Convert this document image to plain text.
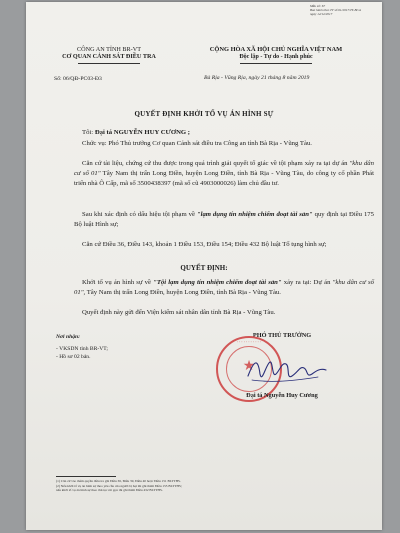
Mẫu số: 67
Ban hành theo TT số 61/2017/TT-BCA
ngày 14/12/2017
CÔNG AN TỈNH BR-VT
CƠ QUAN CẢNH SÁT ĐIỀU TRA
CỘNG HÒA XÃ HỘI CHỦ NGHĨA VIỆT NAM
Độc lập - Tự do - Hạnh phúc
Số: 06/QĐ-PC03-Đ3	Bà Rịa - Vũng Rịa, ngày 21 tháng 8 năm 2019
QUYẾT ĐỊNH KHỞI TỐ VỤ ÁN HÌNH SỰ
Tôi: Đại tá NGUYỄN HUY CƯƠNG ;
Chức vụ: Phó Thủ trưởng Cơ quan Cảnh sát điều tra Công an tỉnh Bà Rịa - Vũng Tàu.
Căn cứ tài liệu, chứng cứ thu được trong quá trình giải quyết tố giác về tội phạm xảy ra tại dự án "khu dân cư số 01" Tây Nam thị trấn Long Điền, huyện Long Điền, tỉnh Bà Rịa - Vũng Tàu, do công ty cổ phần Phát triển nhà Ô Cấp, mã số 3500438397 (mã số cũ 4903000026) làm chủ đầu tư.
Sau khi xác định có dấu hiệu tội phạm về "lạm dụng tín nhiệm chiếm đoạt tài sản" quy định tại Điều 175 Bộ luật Hình sự;
Căn cứ Điều 36, Điều 143, khoản 1 Điều 153, Điều 154; Điều 432 Bộ luật Tố tụng hình sự;
QUYẾT ĐỊNH:
Khởi tố vụ án hình sự về "Tội lạm dụng tín nhiệm chiếm đoạt tài sản" xảy ra tại: Dự án "khu dân cư số 01", Tây Nam thị trấn Long Điền, huyện Long Điền, tỉnh Bà Rịa - Vũng Tàu.
Quyết định này gửi đến Viện kiểm sát nhân dân tỉnh Bà Rịa - Vũng Tàu.
Nơi nhận:
- VKSDN tỉnh BR-VT;
- Hồ sơ 02 bản.
PHÓ THỦ TRƯỞNG
· · · · · · · · · · ·
★
Đại tá Nguyễn Huy Cương
(1) Căn cứ vào thẩm quyền điều tra ghi Điều 36, Điều 39, Điều 40 hoặc Điều 151 BLTTHS.
(2) Nếu khởi tố vụ án hình sự theo yêu cầu của người bị hại thì ghi thêm Điều 155 BLTTHS;
nếu khởi tố vụ án hình sự theo thủ tục rút gọn thì ghi thêm Điều 432 BLTTHS.
